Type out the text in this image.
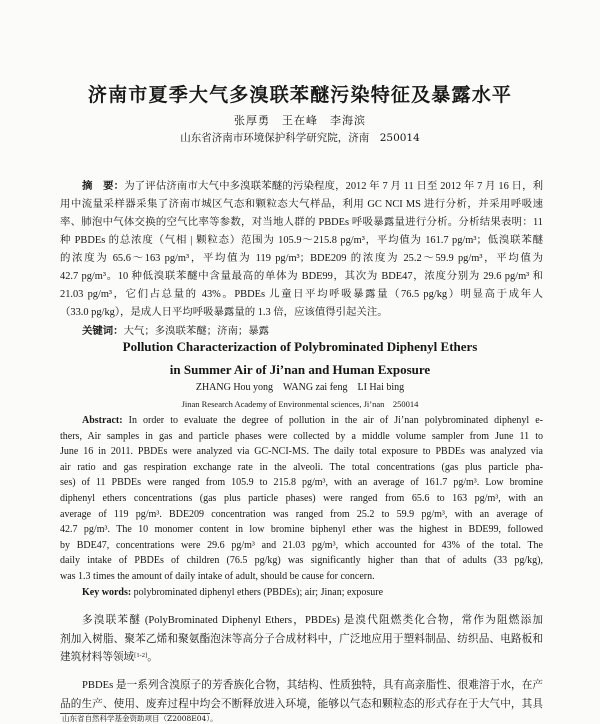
济南市夏季大气多溴联苯醚污染特征及暴露水平
张厚勇　王在峰　李海滨
山东省济南市环境保护科学研究院，济南　250014
摘　要：为了评估济南市大气中多溴联苯醚的污染程度，2012 年 7 月 11 日至 2012 年 7 月 16 日，利
用中流量采样器采集了济南市城区气态和颗粒态大气样品，利用 GC NCI MS 进行分析，并采用呼吸速
率、肺泡中气体交换的空气比率等参数，对当地人群的 PBDEs 呼吸暴露量进行分析。分析结果表明：11
种 PBDEs 的总浓度（气相 | 颗粒态）范围为 105.9～215.8 pg/m³，平均值为 161.7 pg/m³；低溴联苯醚
的浓度为 65.6～163 pg/m³，平均值为 119 pg/m³；BDE209 的浓度为 25.2～59.9 pg/m³，平均值为
42.7 pg/m³。10 种低溴联苯醚中含量最高的单体为 BDE99，其次为 BDE47，浓度分别为 29.6 pg/m³ 和
21.03 pg/m³，它们占总量的 43%。PBDEs 儿童日平均呼吸暴露量（76.5 pg/kg）明显高于成年人
（33.0 pg/kg），是成人日平均呼吸暴露量的 1.3 倍，应该值得引起关注。
关键词：大气；多溴联苯醚；济南；暴露
Pollution Characterizaction of Polybrominated Diphenyl Ethers
in Summer Air of Ji’nan and Human Exposure
ZHANG Hou yong　WANG zai feng　LI Hai bing
Jinan Research Academy of Environmental sciences, Ji’nan　250014
Abstract: In order to evaluate the degree of pollution in the air of Ji’nan polybrominated diphenyl e-
thers, Air samples in gas and particle phases were collected by a middle volume sampler from June 11 to
June 16 in 2011. PBDEs were analyzed via GC-NCI-MS. The daily total exposure to PBDEs was analyzed via
air ratio and gas respiration exchange rate in the alveoli. The total concentrations (gas plus particle pha-
ses) of 11 PBDEs were ranged from 105.9 to 215.8 pg/m³, with an average of 161.7 pg/m³. Low bromine
diphenyl ethers concentrations (gas plus particle phases) were ranged from 65.6 to 163 pg/m³, with an
average of 119 pg/m³. BDE209 concentration was ranged from 25.2 to 59.9 pg/m³, with an average of
42.7 pg/m³. The 10 monomer content in low bromine biphenyl ether was the highest in BDE99, followed
by BDE47, concentrations were 29.6 pg/m³ and 21.03 pg/m³, which accounted for 43% of the total. The
daily intake of PBDEs of children (76.5 pg/kg) was significantly higher than that of adults (33 pg/kg),
was 1.3 times the amount of daily intake of adult, should be cause for concern.
Key words: polybrominated diphenyl ethers (PBDEs); air; Jinan; exposure
多溴联苯醚 (PolyBrominated Diphenyl Ethers，PBDEs) 是溴代阻燃类化合物，常作为阻燃添加
剂加入树脂、聚苯乙烯和聚氨酯泡沫等高分子合成材料中，广泛地应用于塑料制品、纺织品、电路板和
建筑材料等领域[1-2]。
PBDEs 是一系列含溴原子的芳香族化合物，其结构、性质独特，具有高亲脂性、很难溶于水，在产
品的生产、使用、废弃过程中均会不断释放进入环境，能够以气态和颗粒态的形式存在于大气中，其具
山东省自然科学基金资助项目（Z2008E04）。
